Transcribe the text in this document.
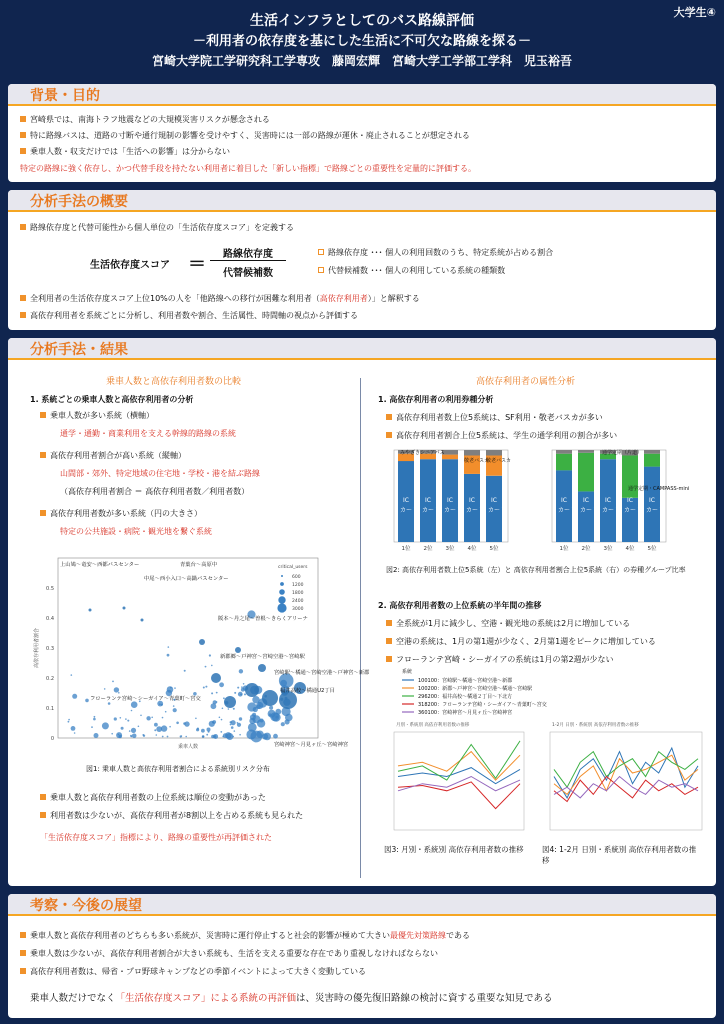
大学生④
生活インフラとしてのバス路線評価
－利用者の依存度を基にした生活に不可欠な路線を探る－
宮崎大学院工学研究科工学専攻　藤岡宏輝　宮崎大学工学部工学科　児玉裕吾
背景・目的
宮崎県では、南海トラフ地震などの大規模災害リスクが懸念される
特に路線バスは、道路の寸断や通行規制の影響を受けやすく、災害時には一部の路線が運休・廃止されることが想定される
乗車人数・収支だけでは「生活への影響」は分からない
特定の路線に強く依存し、かつ代替手段を持たない利用者に着目した「新しい指標」で路線ごとの重要性を定量的に評価する。
分析手法の概要
路線依存度と代替可能性から個人単位の「生活依存度スコア」を定義する
生活依存度スコア ＝	路線依存度
代替候補数
路線依存度 ･･･ 個人の利用回数のうち、特定系統が占める割合
代替候補数 ･･･ 個人の利用している系統の種類数
全利用者の生活依存度スコア上位10%の人を「他路線への移行が困難な利用者（高依存利用者）」と解釈する
高依存利用者を系統ごとに分析し、利用者数や割合、生活属性、時間軸の視点から評価する
分析手法・結果
乗車人数と高依存利用者数の比較
1. 系統ごとの乗車人数と高依存利用者の分析
乗車人数が多い系統（横軸）
通学・通勤・商業利用を支える幹線的路線の系統
高依存利用者割合が高い系統（縦軸）
山間部・郊外、特定地域の住宅地・学校・港を結ぶ路線
（高依存利用者割合 ＝ 高依存利用者数／利用者数）
高依存利用者数が多い系統（円の大きさ）
特定の公共施設・病院・観光地を繋ぐ系統
0
0.1
0.2
0.3
0.4
0.5
乗車人数
高依存利用者割合
critical_users
600
1200
1800
2400
3000
上山鳩〜竜安〜西都バスセンター	青葉台〜高原中
中尾〜西小入口〜高鍋バスセンター
阪本〜丹之尾〜曽根〜きらくアリーナ
新郡郷〜戸神宮〜宮崎空港〜宮崎駅
宮崎駅〜橘通〜宮崎空港〜戸神宮〜新郡
福井高校〜橘通U2丁目
フローランテ宮崎〜シーガイア〜青葉町〜宮交
宮崎神宮〜月見ヶ丘〜宮崎神宮
図1: 乗車人数と高依存利用者割合による系統別リスク分布
乗車人数と高依存利用者数の上位系統は順位の変動があった
利用者数は少ないが、高依存利用者が8割以上を占める系統も見られた
「生活依存度スコア」指標により、路線の重要性が再評価された
高依存利用者の属性分析
1. 高依存利用者の利用券種分析
高依存利用者数上位5系統は、SF利用・敬老バスカが多い
高依存利用者割合上位5系統は、学生の通学利用の割合が多い
IC
カード
1位
IC
カード
2位
IC
カード
3位
IC
カード
4位
IC
カード
5位
みやざきシニアパス
敬老バスカ
敬老バスカ
IC
カード
1位
IC
カード
2位
IC
カード
3位
IC
カード
4位
IC
カード
5位
通学定期（片道）
通学定期・CAMPASS-mini
図2: 高依存利用者数上位5系統（左）と 高依存利用者割合上位5系統（右）の券種グループ比率
2. 高依存利用者数の上位系統の半年間の推移
全系統が1月に減少し、空港・観光地の系統は2月に増加している
空港の系統は、1月の第1週が少なく、2月第1週をピークに増加している
フローランテ宮崎・シーガイアの系統は1月の第2週が少ない
系統
100100：宮崎駅〜橘通〜宮崎空港〜新郡
100200：新郡〜戸神宮〜宮崎空港〜橘通〜宮崎駅
296200：福井高校〜橘通２丁目〜下北方
318200：フローランテ宮崎・シーガイア〜青葉町〜宮交
360100：宮崎神宮〜月見ヶ丘〜宮崎神宮
月別・系統別 高依存利用者数の推移	1-2月 日別・系統別 高依存利用者数の推移
図3: 月別・系統別 高依存利用者数の推移	図4: 1-2月 日別・系統別 高依存利用者数の推移
考察・今後の展望
乗車人数と高依存利用者のどちらも多い系統が、災害時に運行停止すると社会的影響が極めて大きい最優先対策路線である
乗車人数は少ないが、高依存利用者割合が大きい系統も、生活を支える重要な存在であり重視しなければならない
高依存利用者数は、帰省・プロ野球キャンプなどの季節イベントによって大きく変動している
乗車人数だけでなく「生活依存度スコア」による系統の再評価は、災害時の優先復旧路線の検討に資する重要な知見である
